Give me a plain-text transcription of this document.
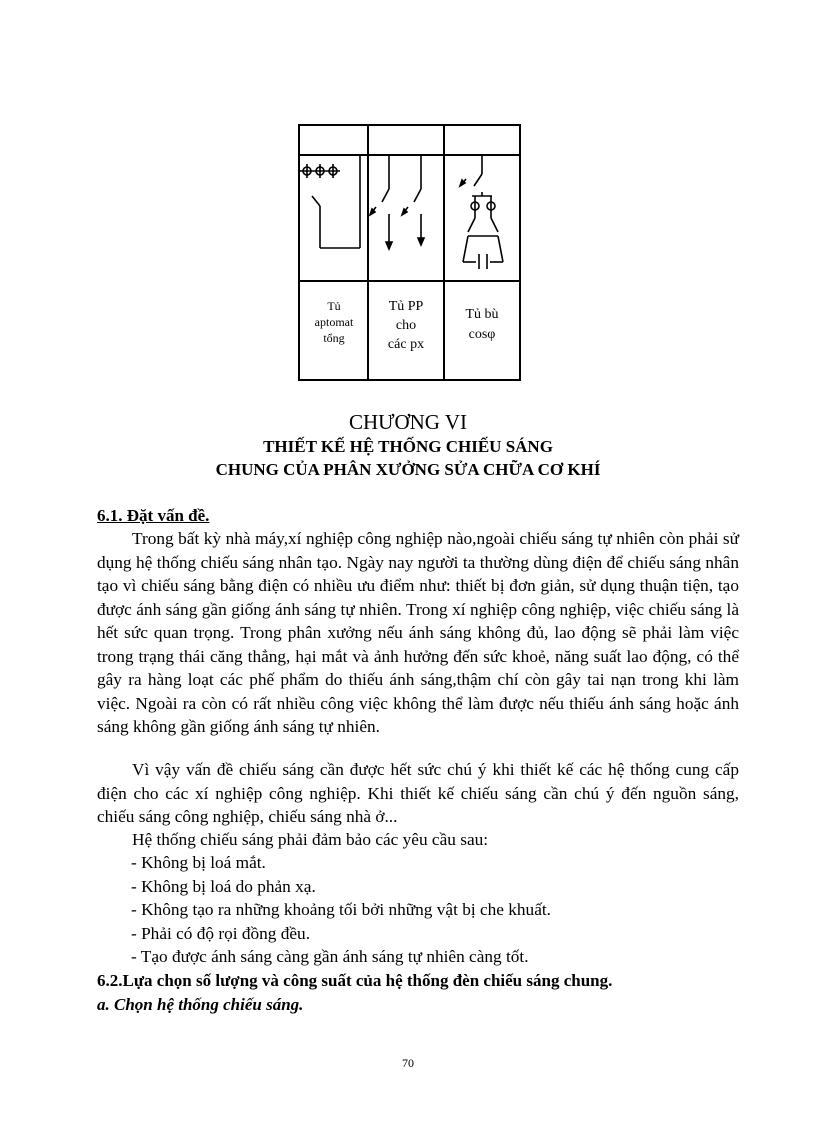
Tủ
aptomat
tổng
Tủ PP
cho
các px
Tủ bù
cosφ
CHƯƠNG VI
THIẾT KẾ HỆ THỐNG CHIẾU SÁNG
CHUNG CỦA PHÂN XƯỞNG SỬA CHỮA CƠ KHÍ
6.1. Đặt vấn đề.

Trong bất kỳ nhà máy,xí nghiệp công nghiệp nào,ngoài chiếu sáng tự nhiên còn phải sử dụng hệ thống chiếu sáng nhân tạo. Ngày nay người ta thường dùng điện để chiếu sáng nhân tạo vì chiếu sáng bằng điện có nhiều ưu điểm như: thiết bị đơn giản, sử dụng thuận tiện, tạo được ánh sáng gần giống ánh sáng tự nhiên. Trong xí nghiệp công nghiệp, việc chiếu sáng là hết sức quan trọng. Trong phân xưởng nếu ánh sáng không đủ, lao động sẽ phải làm việc trong trạng thái căng thẳng, hại mắt và ảnh hưởng đến sức khoẻ, năng suất lao động, có thể gây ra hàng loạt các phế phẩm do thiếu ánh sáng,thậm chí còn gây tai nạn trong khi làm việc. Ngoài ra còn có rất nhiều công việc không thể làm được nếu thiếu ánh sáng hoặc ánh sáng không gần giống ánh sáng tự nhiên.

Vì vậy vấn đề chiếu sáng cần được hết sức chú ý khi thiết kế các hệ thống cung cấp điện cho các xí nghiệp công nghiệp. Khi thiết kế chiếu sáng cần chú ý đến nguồn sáng, chiếu sáng công nghiệp, chiếu sáng nhà ở...

Hệ thống chiếu sáng phải đảm bảo các yêu cầu sau:

- Không bị loá mắt.

- Không bị loá do phản xạ.

- Không tạo ra những khoảng tối bởi những vật bị che khuất.

- Phải có độ rọi đồng đều.

- Tạo được ánh sáng càng gần ánh sáng tự nhiên càng tốt.

6.2.Lựa chọn số lượng và công suất của hệ thống đèn chiếu sáng chung.
a. Chọn hệ thống chiếu sáng.
70
